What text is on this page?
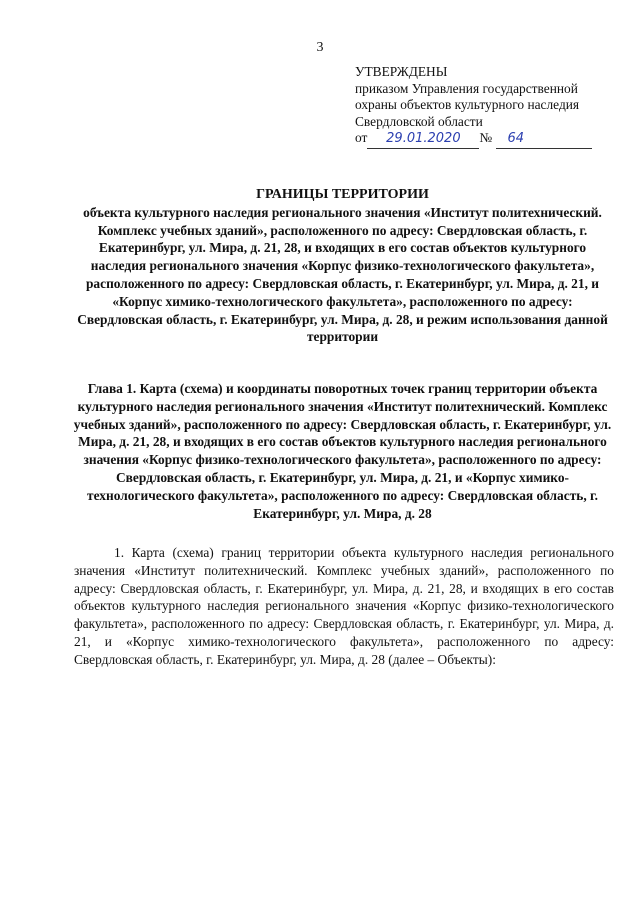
3
УТВЕРЖДЕНЫ
приказом Управления государственной
охраны объектов культурного наследия
Свердловской области
от 29.01.2020 № 64
ГРАНИЦЫ ТЕРРИТОРИИ
объекта культурного наследия регионального значения «Институт политехнический. Комплекс учебных зданий», расположенного по адресу: Свердловская область, г. Екатеринбург, ул. Мира, д. 21, 28, и входящих в его состав объектов культурного наследия регионального значения «Корпус физико-технологического факультета», расположенного по адресу: Свердловская область, г. Екатеринбург, ул. Мира, д. 21, и «Корпус химико-технологического факультета», расположенного по адресу: Свердловская область, г. Екатеринбург, ул. Мира, д. 28, и режим использования данной территории
Глава 1. Карта (схема) и координаты поворотных точек границ территории объекта культурного наследия регионального значения «Институт политехнический. Комплекс учебных зданий», расположенного по адресу: Свердловская область, г. Екатеринбург, ул. Мира, д. 21, 28, и входящих в его состав объектов культурного наследия регионального значения «Корпус физико-технологического факультета», расположенного по адресу: Свердловская область, г. Екатеринбург, ул. Мира, д. 21, и «Корпус химико-технологического факультета», расположенного по адресу: Свердловская область, г. Екатеринбург, ул. Мира, д. 28
1. Карта (схема) границ территории объекта культурного наследия регионального значения «Институт политехнический. Комплекс учебных зданий», расположенного по адресу: Свердловская область, г. Екатеринбург, ул. Мира, д. 21, 28, и входящих в его состав объектов культурного наследия регионального значения «Корпус физико-технологического факультета», расположенного по адресу: Свердловская область, г. Екатеринбург, ул. Мира, д. 21, и «Корпус химико-технологического факультета», расположенного по адресу: Свердловская область, г. Екатеринбург, ул. Мира, д. 28 (далее – Объекты):
